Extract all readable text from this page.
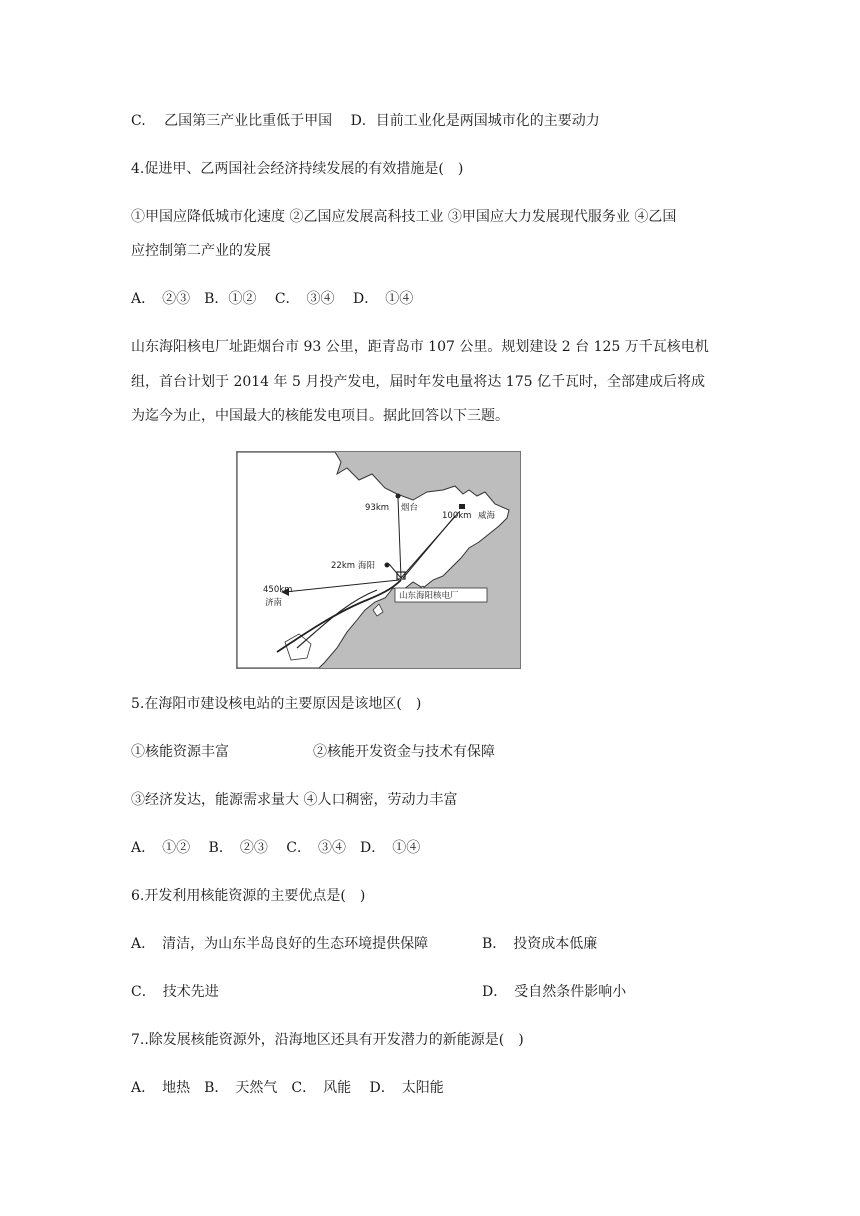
C.　 乙国第三产业比重低于甲国　 D．目前工业化是两国城市化的主要动力
4.促进甲、乙两国社会经济持续发展的有效措施是(　)
①甲国应降低城市化速度 ②乙国应发展高科技工业 ③甲国应大力发展现代服务业 ④乙国
应控制第二产业的发展
A．　②③　B．①②　 C．　③④　 D．　①④
山东海阳核电厂址距烟台市 93 公里，距青岛市 107 公里。规划建设 2 台 125 万千瓦核电机
组，首台计划于 2014 年 5 月投产发电，届时年发电量将达 175 亿千瓦时，全部建成后将成
为迄今为止，中国最大的核能发电项目。据此回答以下三题。
93km 烟台
100km 威海
22km 海阳
450km
济南
山东海阳核电厂
5.在海阳市建设核电站的主要原因是该地区(　)
①核能资源丰富　　　　　　②核能开发资金与技术有保障
③经济发达，能源需求量大 ④人口稠密，劳动力丰富
A．　①②　 B．　②③　 C．　③④　D．　①④
6.开发利用核能资源的主要优点是(　)
A．　清洁，为山东半岛良好的生态环境提供保障	B．　投资成本低廉
C．　技术先进	D．　受自然条件影响小
7..除发展核能资源外，沿海地区还具有开发潜力的新能源是(　)
A．　地热　B．　天然气　C．　风能　 D．　太阳能
